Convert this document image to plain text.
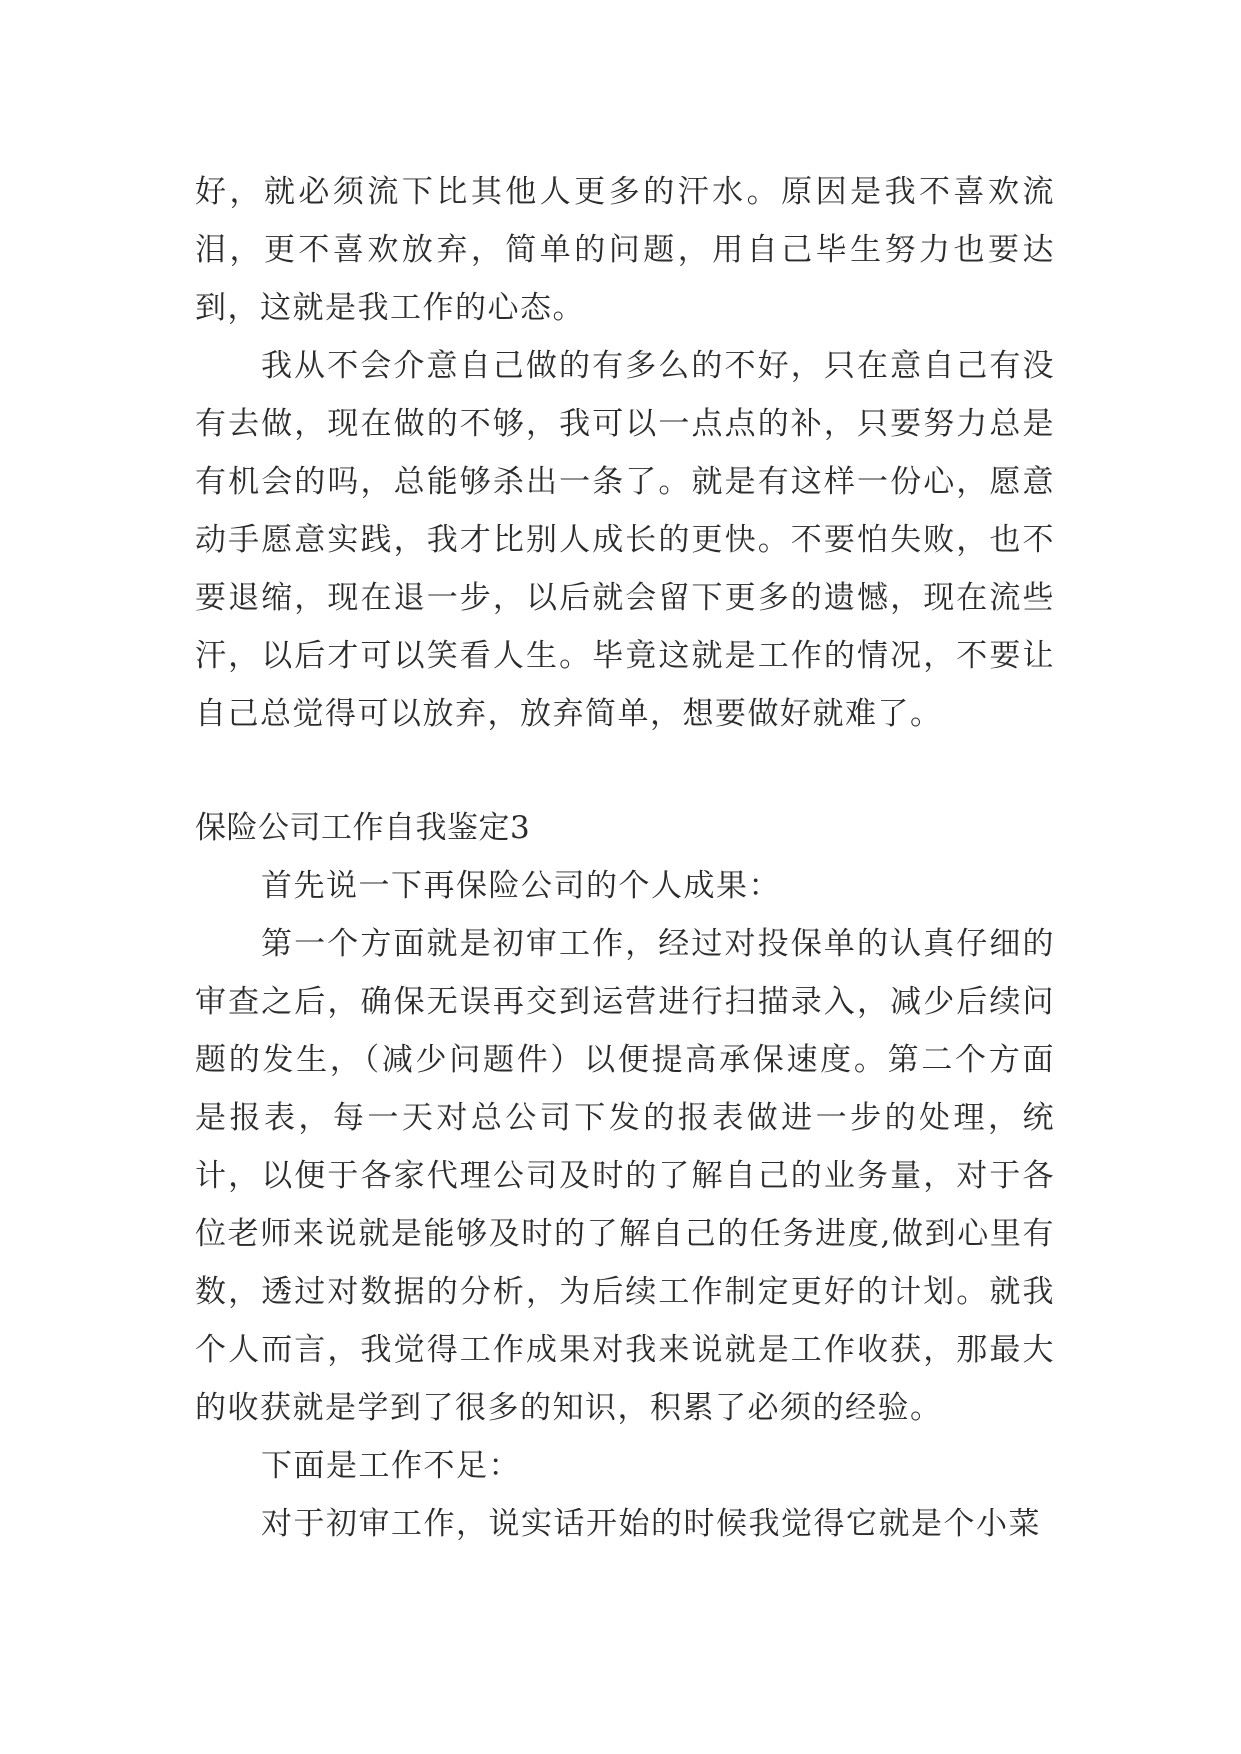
好，就必须流下比其他人更多的汗水。原因是我不喜欢流泪，更不喜欢放弃，简单的问题，用自己毕生努力也要达到，这就是我工作的心态。

我从不会介意自己做的有多么的不好，只在意自己有没有去做，现在做的不够，我可以一点点的补，只要努力总是有机会的吗，总能够杀出一条了。就是有这样一份心，愿意动手愿意实践，我才比别人成长的更快。不要怕失败，也不要退缩，现在退一步，以后就会留下更多的遗憾，现在流些汗，以后才可以笑看人生。毕竟这就是工作的情况，不要让自己总觉得可以放弃，放弃简单，想要做好就难了。

保险公司工作自我鉴定3

首先说一下再保险公司的个人成果：

第一个方面就是初审工作，经过对投保单的认真仔细的审查之后，确保无误再交到运营进行扫描录入，减少后续问题的发生，（减少问题件）以便提高承保速度。第二个方面是报表，每一天对总公司下发的报表做进一步的处理，统计，以便于各家代理公司及时的了解自己的业务量，对于各位老师来说就是能够及时的了解自己的任务进度,做到心里有数，透过对数据的分析，为后续工作制定更好的计划。就我个人而言，我觉得工作成果对我来说就是工作收获，那最大的收获就是学到了很多的知识，积累了必须的经验。

下面是工作不足：

对于初审工作，说实话开始的时候我觉得它就是个小菜
